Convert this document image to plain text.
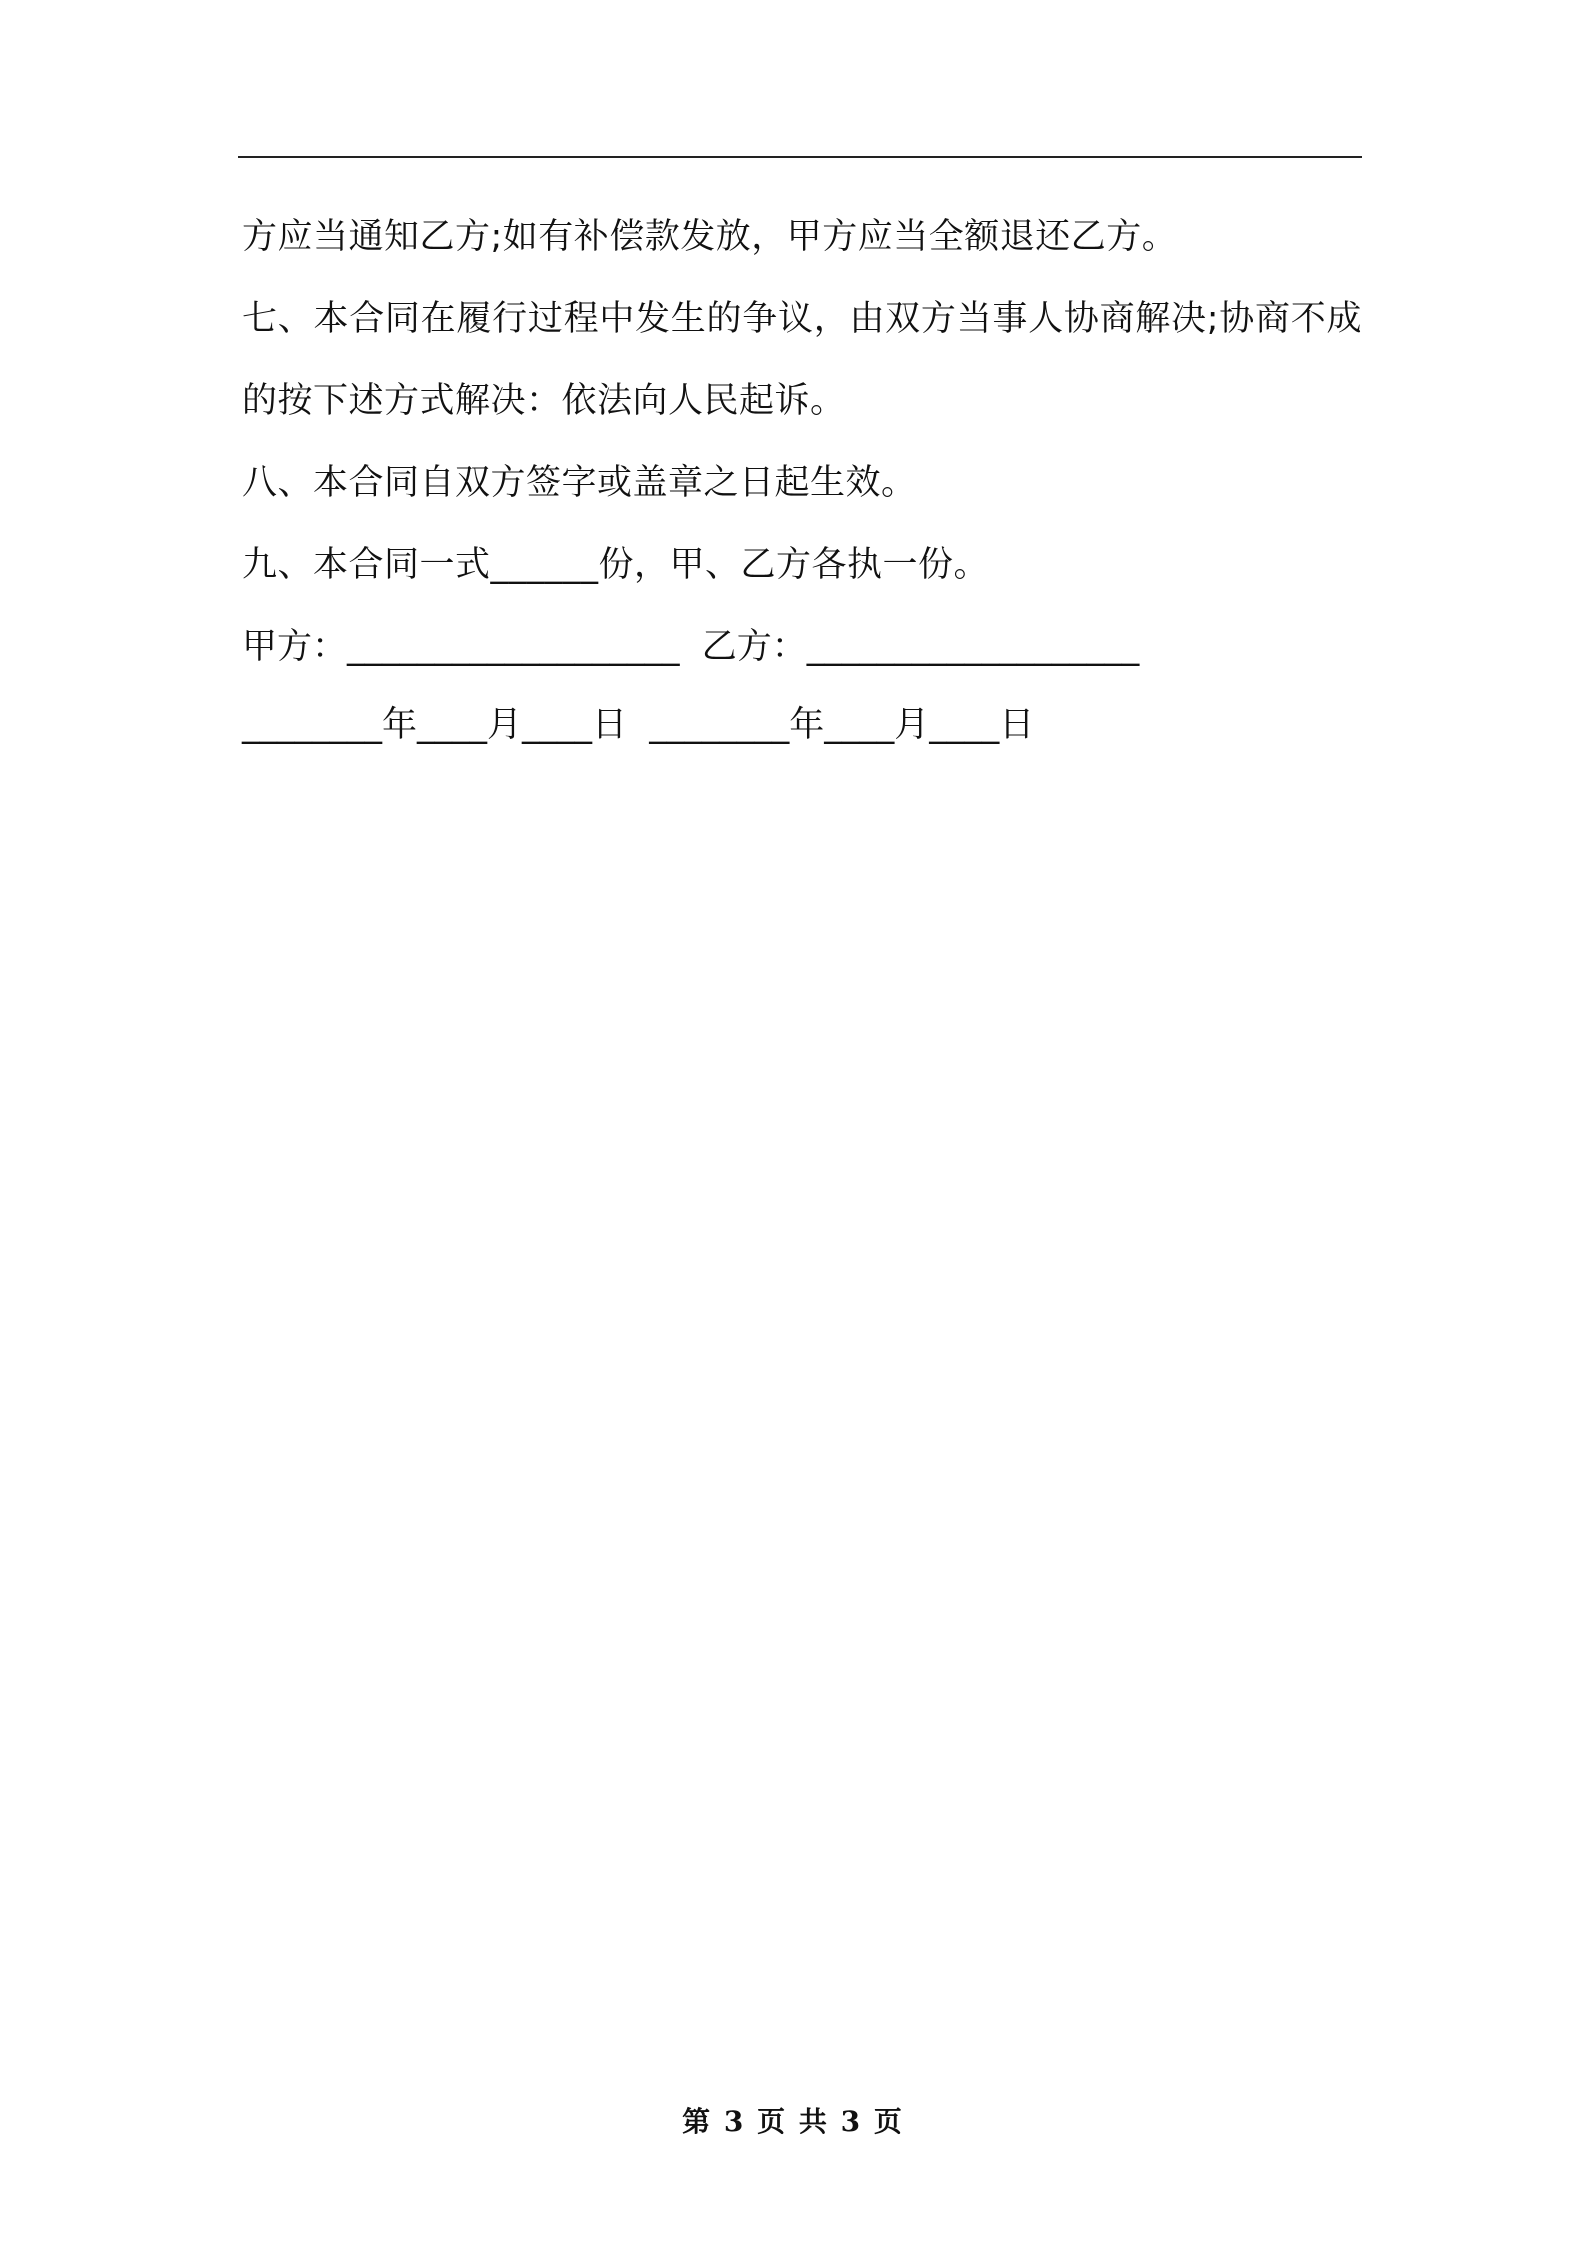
方应当通知乙方;如有补偿款发放，甲方应当全额退还乙方。
七、本合同在履行过程中发生的争议，由双方当事人协商解决;协商不成的按下述方式解决：依法向人民起诉。
八、本合同自双方签字或盖章之日起生效。
九、本合同一式______份，甲、乙方各执一份。
甲方：___________________  乙方：___________________
________年____月____日  ________年____月____日
第 3 页 共 3 页
